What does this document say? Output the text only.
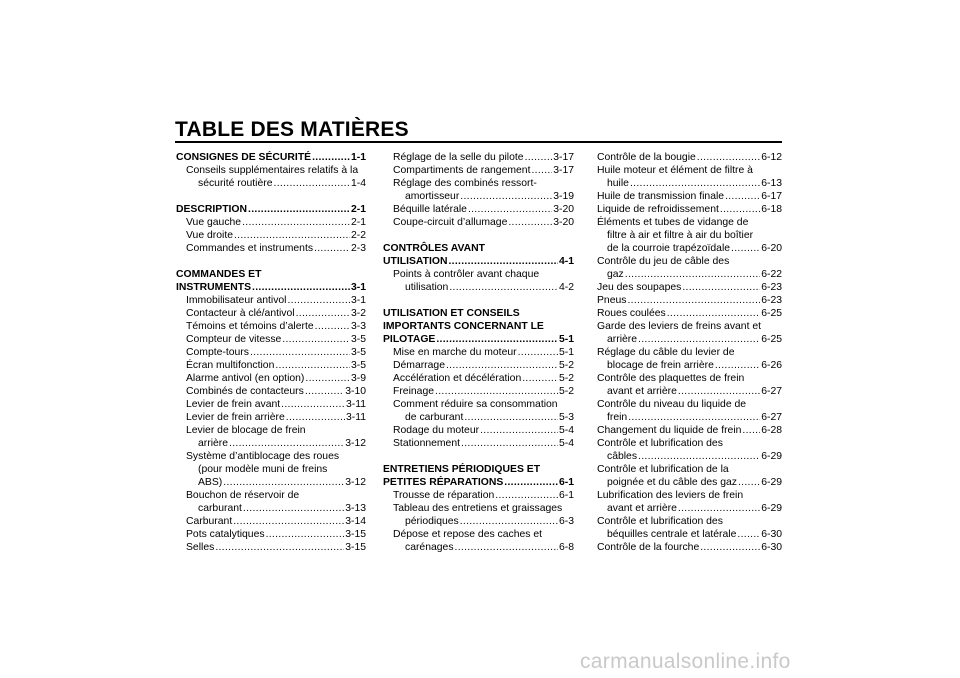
TABLE DES MATIÈRES
CONSIGNES DE SÉCURITÉ .....	1-1
Conseils supplémentaires relatifs à la
sécurité routière .....	1-4
DESCRIPTION .....	2-1
Vue gauche .....	2-1
Vue droite .....	2-2
Commandes et instruments .....	2-3
COMMANDES ET
INSTRUMENTS .....	3-1
Immobilisateur antivol .....	3-1
Contacteur à clé/antivol .....	3-2
Témoins et témoins d’alerte .....	3-3
Compteur de vitesse .....	3-5
Compte-tours .....	3-5
Écran multifonction .....	3-5
Alarme antivol (en option) .....	3-9
Combinés de contacteurs .....	3-10
Levier de frein avant .....	3-11
Levier de frein arrière .....	3-11
Levier de blocage de frein
arrière .....	3-12
Système d’antiblocage des roues
(pour modèle muni de freins
ABS) .....	3-12
Bouchon de réservoir de
carburant .....	3-13
Carburant .....	3-14
Pots catalytiques .....	3-15
Selles .....	3-15
Réglage de la selle du pilote .....	3-17
Compartiments de rangement ..... 3-17
Réglage des combinés ressort-
amortisseur .....	3-19
Béquille latérale .....	3-20
Coupe-circuit d’allumage .....	3-20
CONTRÔLES AVANT
UTILISATION .....	4-1
Points à contrôler avant chaque
utilisation .....	4-2
UTILISATION ET CONSEILS
IMPORTANTS CONCERNANT LE
PILOTAGE .....	5-1
Mise en marche du moteur .....	5-1
Démarrage .....	5-2
Accélération et décélération .....	5-2
Freinage .....	5-2
Comment réduire sa consommation
de carburant .....	5-3
Rodage du moteur .....	5-4
Stationnement .....	5-4
ENTRETIENS PÉRIODIQUES ET
PETITES RÉPARATIONS .....	6-1
Trousse de réparation .....	6-1
Tableau des entretiens et graissages
périodiques .....	6-3
Dépose et repose des caches et
carénages .....	6-8
Contrôle de la bougie .....	6-12
Huile moteur et élément de filtre à
huile .....	6-13
Huile de transmission finale .....	6-17
Liquide de refroidissement .....	6-18
Éléments et tubes de vidange de
filtre à air et filtre à air du boîtier
de la courroie trapézoïdale .....	6-20
Contrôle du jeu de câble des
gaz .....	6-22
Jeu des soupapes .....	6-23
Pneus .....	6-23
Roues coulées .....	6-25
Garde des leviers de freins avant et
arrière .....	6-25
Réglage du câble du levier de
blocage de frein arrière .....	6-26
Contrôle des plaquettes de frein
avant et arrière .....	6-27
Contrôle du niveau du liquide de
frein .....	6-27
Changement du liquide de frein ..... 6-28
Contrôle et lubrification des
câbles .....	6-29
Contrôle et lubrification de la
poignée et du câble des gaz ..... 6-29
Lubrification des leviers de frein
avant et arrière .....	6-29
Contrôle et lubrification des
béquilles centrale et latérale ..... 6-30
Contrôle de la fourche .....	6-30
carmanualsonline.info
